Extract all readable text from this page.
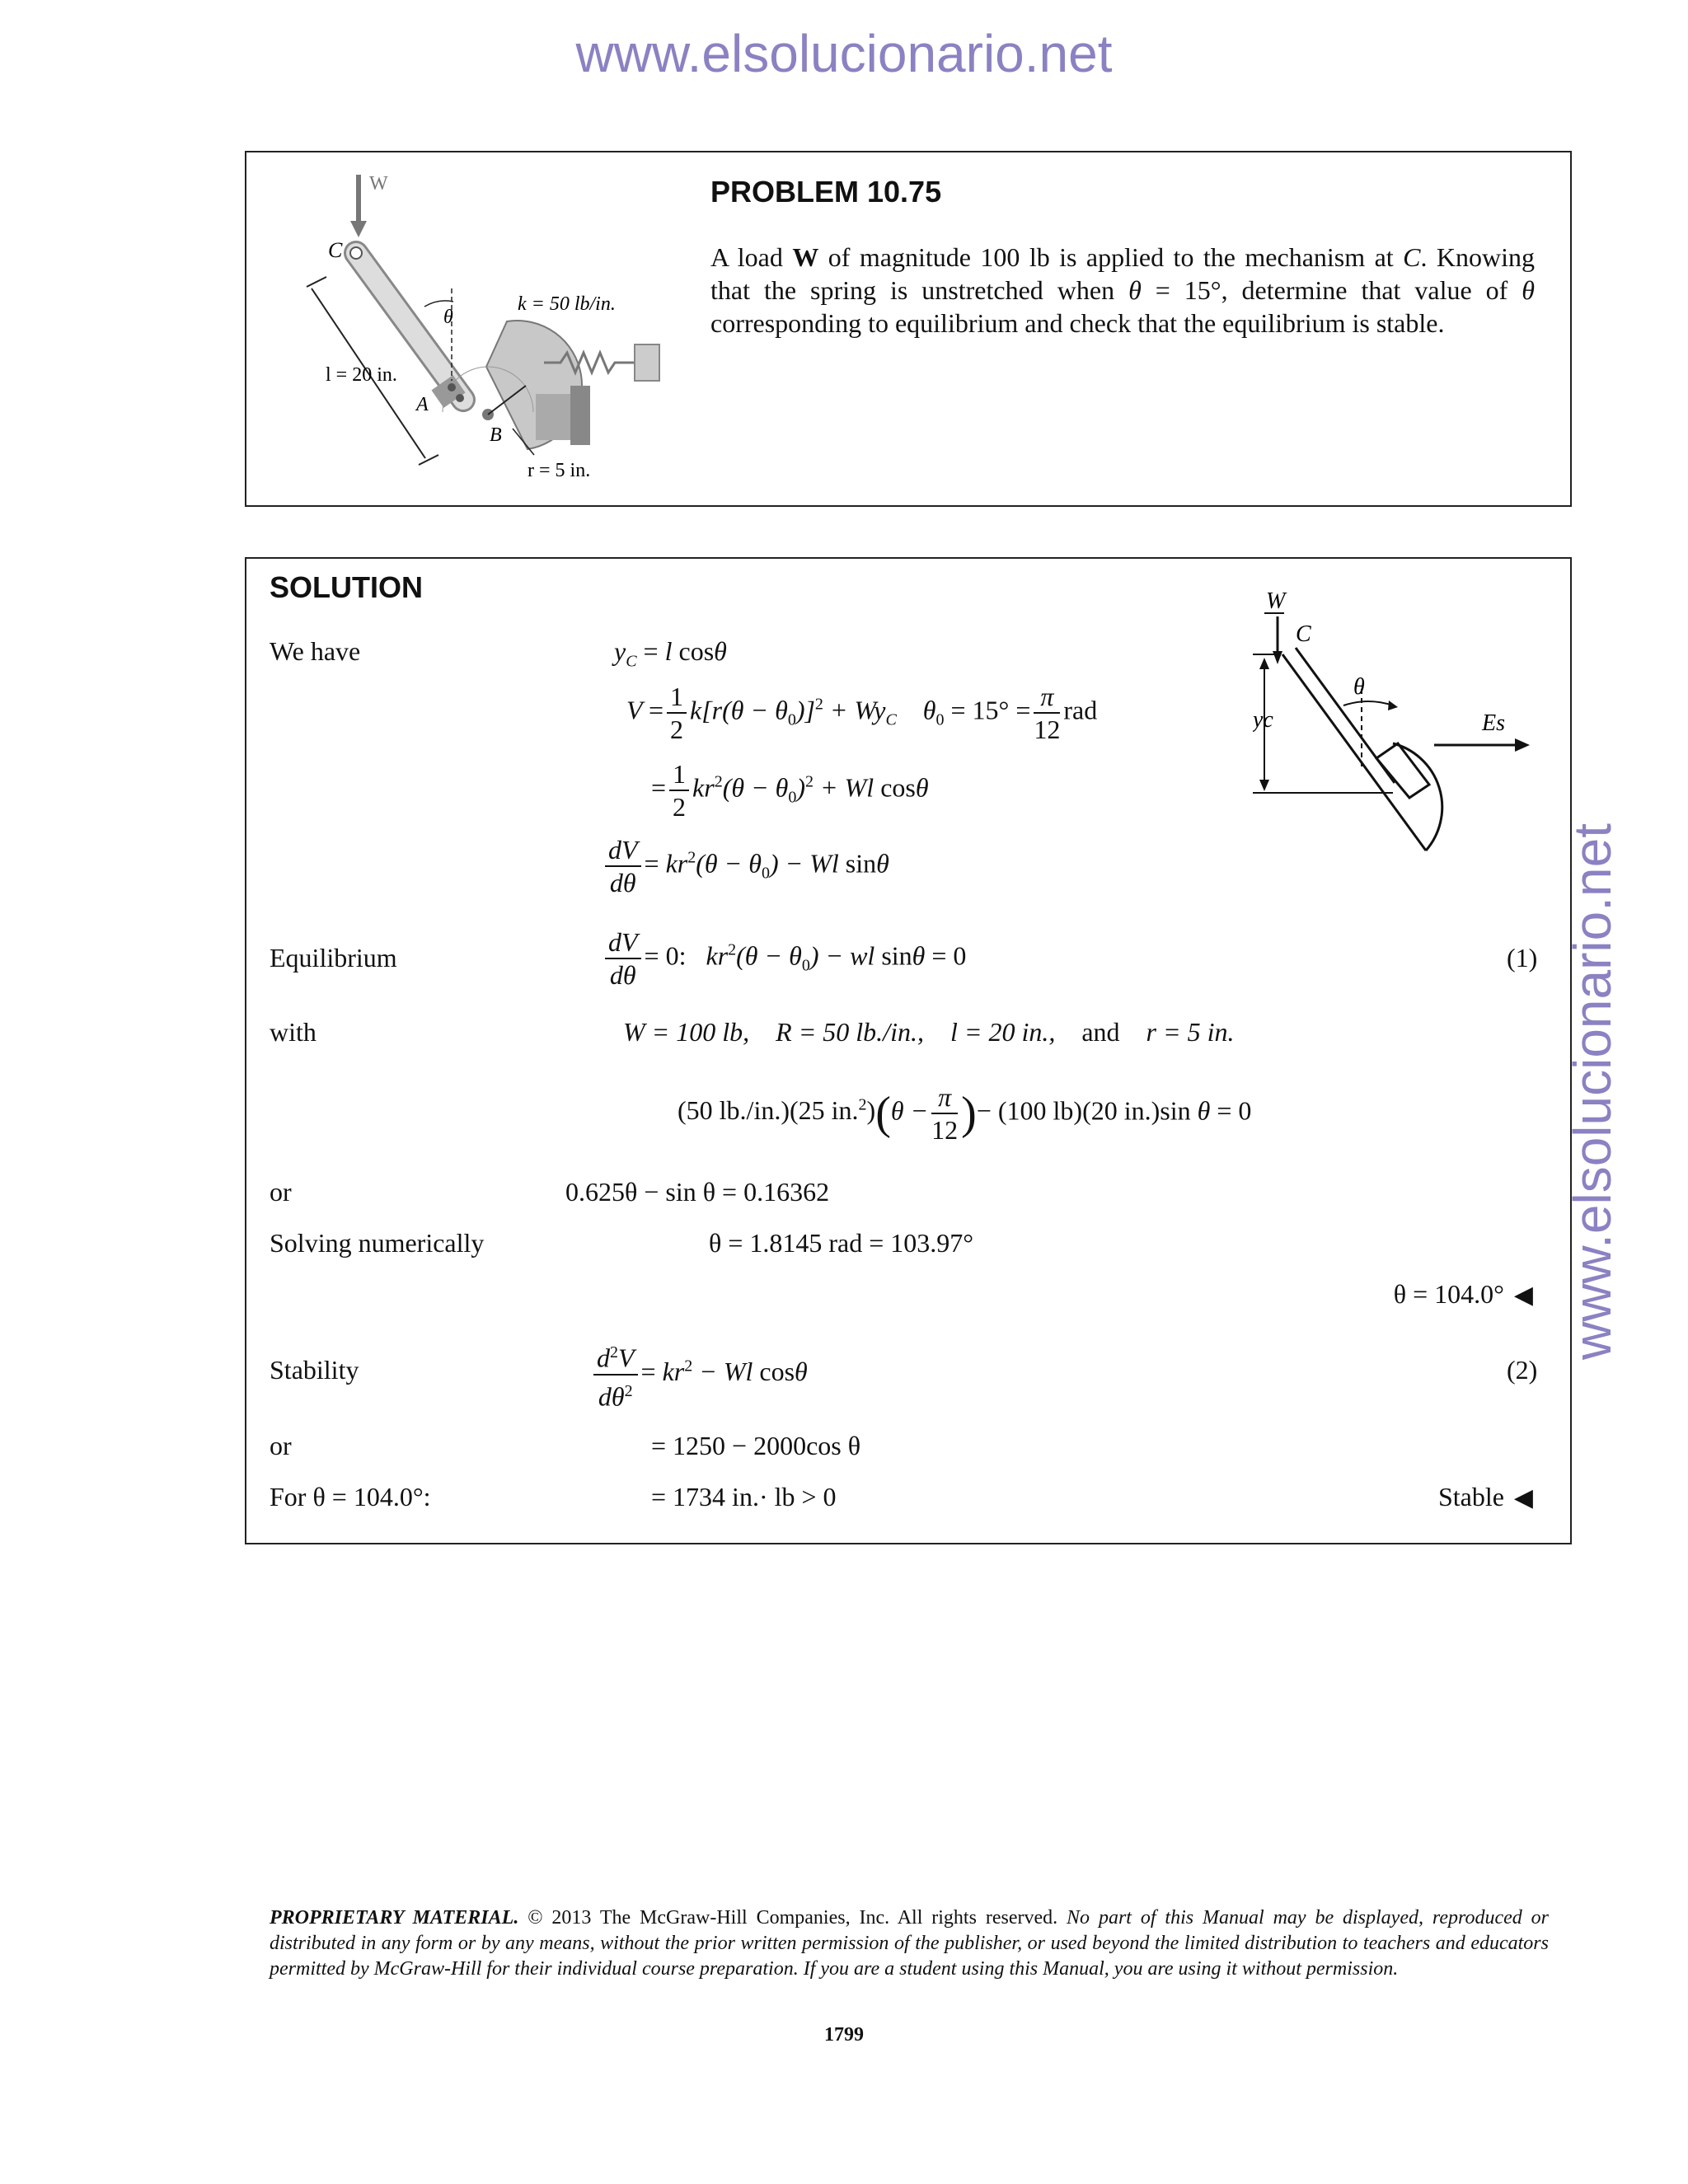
www.elsolucionario.net
www.elsolucionario.net
W
C
l = 20 in.
B
A
θ
k = 50 lb/in.
r = 5 in.
PROBLEM 10.75
A load W of magnitude 100 lb is applied to the mechanism at C. Knowing that the spring is unstretched when θ = 15°, determine that value of θ corresponding to equilibrium and check that the equilibrium is stable.
SOLUTION	W
C
yc
θ
Es
We have	$y_C = l$ cosθ
$V = \frac{1}{2} k[r(\theta - \theta_0)]^2 + Wy_C$    $\theta_0 = 15^\circ = \frac{\pi}{12}$ rad
= $\frac{1}{2} kr^2(\theta - \theta_0)^2 + Wl$ cosθ
$\frac{dV}{d\theta} = kr^2(\theta - \theta_0) - Wl$ sinθ
Equilibrium	$\frac{dV}{d\theta} = 0$:   $kr^2(\theta - \theta_0)$ − wl sinθ = 0	(1)
with	W = 100 lb, R = 50 lb./in., l = 20 in., and r = 5 in.
(50 lb./in.)(25 $in.^2)(\theta - \frac{\pi}{12}$ )− (100 lb)(20 in.)sin θ = 0
or	0.625θ − sin θ = 0.16362
Solving numerically	θ = 1.8145 rad = 103.97°
θ = 104.0° ◀
Stability	$\frac{d^2V}{d\theta^2} = kr^2 - Wl$ cosθ	(2)
or	= 1250 − 2000cos θ
For θ = 104.0°:	= 1734 in.· lb > 0	Stable ◀
PROPRIETARY MATERIAL. © 2013 The McGraw-Hill Companies, Inc. All rights reserved. No part of this Manual may be displayed, reproduced or distributed in any form or by any means, without the prior written permission of the publisher, or used beyond the limited distribution to teachers and educators permitted by McGraw-Hill for their individual course preparation. If you are a student using this Manual, you are using it without permission.
1799
